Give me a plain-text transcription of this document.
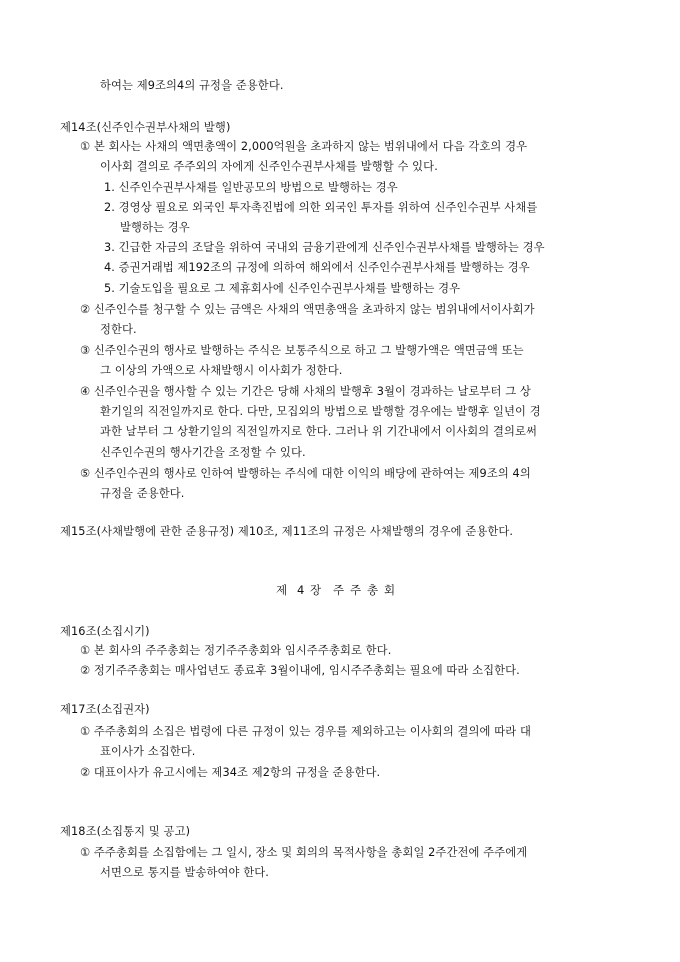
하여는 제9조의4의 규정을 준용한다.
제14조(신주인수권부사채의 발행)
① 본 회사는 사채의 액면총액이 2,000억원을 초과하지 않는 범위내에서 다음 각호의 경우
이사회 결의로 주주외의 자에게 신주인수권부사채를 발행할 수 있다.
1. 신주인수권부사채를 일반공모의 방법으로 발행하는 경우
2. 경영상 필요로 외국인 투자촉진법에 의한 외국인 투자를 위하여 신주인수권부 사채를
발행하는 경우
3. 긴급한 자금의 조달을 위하여 국내외 금융기관에게 신주인수권부사채를 발행하는 경우
4. 증권거래법 제192조의 규정에 의하여 해외에서 신주인수권부사채를 발행하는 경우
5. 기술도입을 필요로 그 제휴회사에 신주인수권부사채를 발행하는 경우
② 신주인수를 청구할 수 있는 금액은 사채의 액면총액을 초과하지 않는 범위내에서이사회가
정한다.
③ 신주인수권의 행사로 발행하는 주식은 보통주식으로 하고 그 발행가액은 액면금액 또는
그 이상의 가액으로 사채발행시 이사회가 정한다.
④ 신주인수권을 행사할 수 있는 기간은 당해 사채의 발행후 3월이 경과하는 날로부터 그 상
환기일의 직전일까지로 한다. 다만, 모집외의 방법으로 발행할 경우에는 발행후 일년이 경
과한 날부터 그 상환기일의 직전일까지로 한다. 그러나 위 기간내에서 이사회의 결의로써
신주인수권의 행사기간을 조정할 수 있다.
⑤ 신주인수권의 행사로 인하여 발행하는 주식에 대한 이익의 배당에 관하여는 제9조의 4의
규정을 준용한다.
제15조(사채발행에 관한 준용규정) 제10조, 제11조의 규정은 사채발행의 경우에 준용한다.
제 4 장 주 주 총 회
제16조(소집시기)
① 본 회사의 주주총회는 정기주주총회와 임시주주총회로 한다.
② 정기주주총회는 매사업년도 종료후 3월이내에, 임시주주총회는 필요에 따라 소집한다.
제17조(소집권자)
① 주주총회의 소집은 법령에 다른 규정이 있는 경우를 제외하고는 이사회의 결의에 따라 대
표이사가 소집한다.
② 대표이사가 유고시에는 제34조 제2항의 규정을 준용한다.
제18조(소집통지 및 공고)
① 주주총회를 소집함에는 그 일시, 장소 및 회의의 목적사항을 총회일 2주간전에 주주에게
서면으로 통지를 발송하여야 한다.
